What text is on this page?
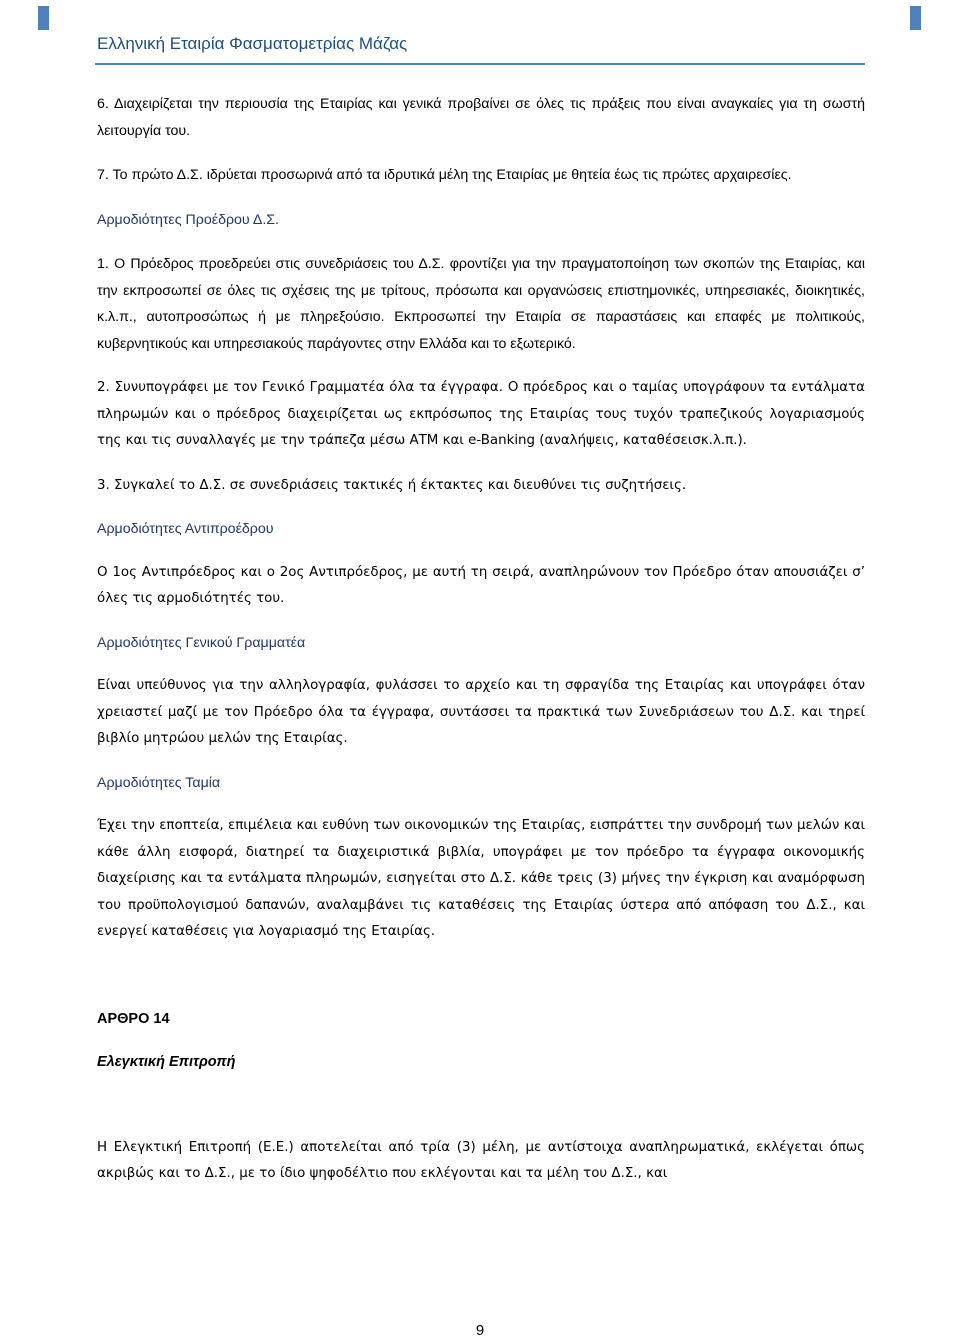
Ελληνική Εταιρία Φασματομετρίας Μάζας

6. Διαχειρίζεται την περιουσία της Εταιρίας και γενικά προβαίνει σε όλες τις πράξεις που είναι αναγκαίες για τη σωστή λειτουργία του.

7. Το πρώτο Δ.Σ. ιδρύεται προσωρινά από τα ιδρυτικά μέλη της Εταιρίας με θητεία έως τις πρώτες αρχαιρεσίες.

Αρμοδιότητες Προέδρου Δ.Σ.

1. Ο Πρόεδρος προεδρεύει στις συνεδριάσεις του Δ.Σ. φροντίζει για την πραγματοποίηση των σκοπών της Εταιρίας, και την εκπροσωπεί σε όλες τις σχέσεις της με τρίτους, πρόσωπα και οργανώσεις επιστημονικές, υπηρεσιακές, διοικητικές, κ.λ.π., αυτοπροσώπως ή με πληρεξούσιο. Εκπροσωπεί την Εταιρία σε παραστάσεις και επαφές με πολιτικούς, κυβερνητικούς και υπηρεσιακούς παράγοντες στην Ελλάδα και το εξωτερικό.

2. Συνυπογράφει με τον Γενικό Γραμματέα όλα τα έγγραφα. Ο πρόεδρος και ο ταμίας υπογράφουν τα εντάλματα πληρωμών και ο πρόεδρος διαχειρίζεται ως εκπρόσωπος της Εταιρίας τους τυχόν τραπεζικούς λογαριασμούς της και τις συναλλαγές με την τράπεζα μέσω ΑΤΜ και e-Banking (αναλήψεις, καταθέσεισκ.λ.π.).

3. Συγκαλεί το Δ.Σ. σε συνεδριάσεις τακτικές ή έκτακτες και διευθύνει τις συζητήσεις.

Αρμοδιότητες Αντιπροέδρου

Ο 1ος Αντιπρόεδρος και ο 2ος Αντιπρόεδρος, με αυτή τη σειρά, αναπληρώνουν τον Πρόεδρο όταν απουσιάζει σ’ όλες τις αρμοδιότητές του.

Αρμοδιότητες Γενικού Γραμματέα

Είναι υπεύθυνος για την αλληλογραφία, φυλάσσει το αρχείο και τη σφραγίδα της Εταιρίας και υπογράφει όταν χρειαστεί μαζί με τον Πρόεδρο όλα τα έγγραφα, συντάσσει τα πρακτικά των Συνεδριάσεων του Δ.Σ. και τηρεί βιβλίο μητρώου μελών της Εταιρίας.

Αρμοδιότητες Ταμία

Έχει την εποπτεία, επιμέλεια και ευθύνη των οικονομικών της Εταιρίας, εισπράττει την συνδρομή των μελών και κάθε άλλη εισφορά, διατηρεί τα διαχειριστικά βιβλία, υπογράφει με τον πρόεδρο τα έγγραφα οικονομικής διαχείρισης και τα εντάλματα πληρωμών, εισηγείται στο Δ.Σ. κάθε τρεις (3) μήνες την έγκριση και αναμόρφωση του προϋπολογισμού δαπανών, αναλαμβάνει τις καταθέσεις της Εταιρίας ύστερα από απόφαση του Δ.Σ., και ενεργεί καταθέσεις για λογαριασμό της Εταιρίας.

ΑΡΘΡΟ 14

Ελεγκτική Επιτροπή

Η Ελεγκτική Επιτροπή (Ε.Ε.) αποτελείται από τρία (3) μέλη, με αντίστοιχα αναπληρωματικά, εκλέγεται όπως ακριβώς και το Δ.Σ., με το ίδιο ψηφοδέλτιο που εκλέγονται και τα μέλη του Δ.Σ., και

9
